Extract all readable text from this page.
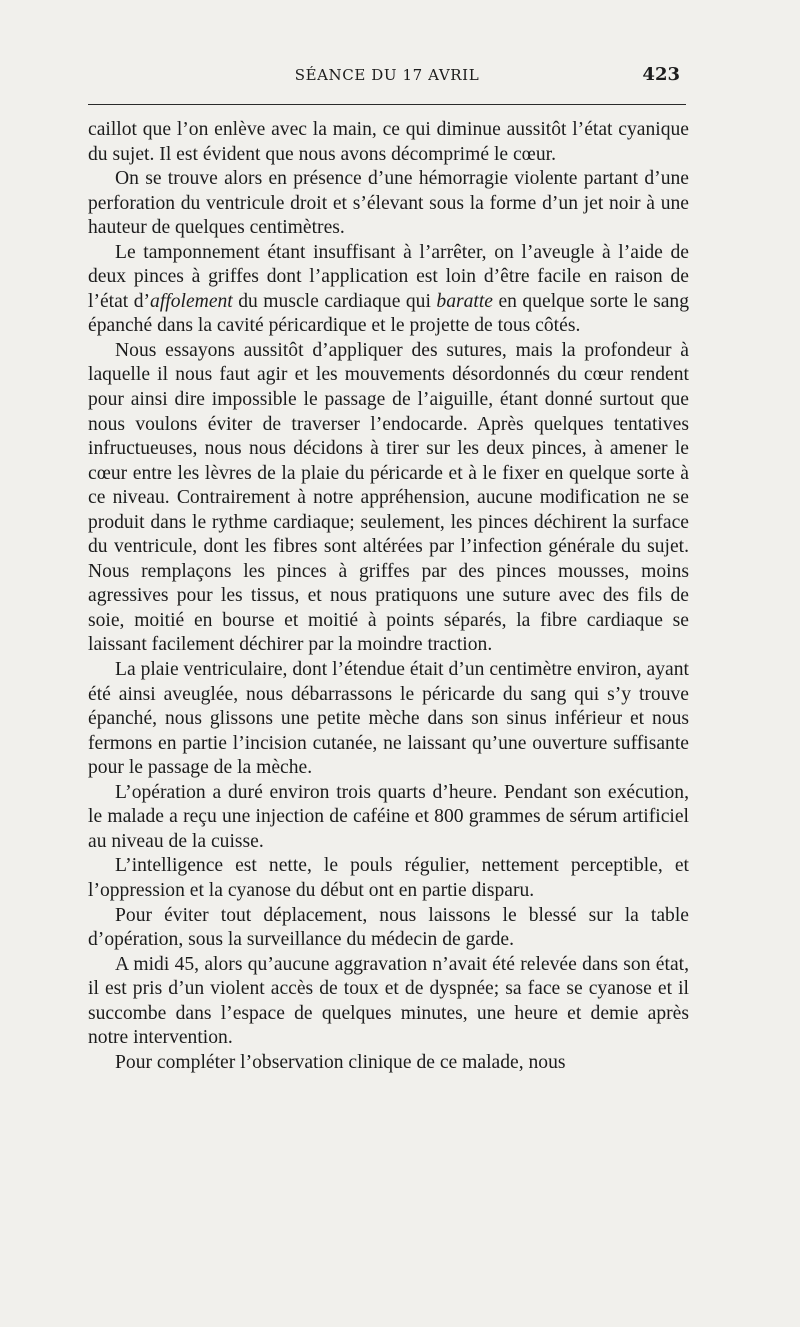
SÉANCE DU 17 AVRIL	423

caillot que l’on enlève avec la main, ce qui diminue aussitôt l’état cyanique du sujet. Il est évident que nous avons décomprimé le cœur.

On se trouve alors en présence d’une hémorragie violente partant d’une perforation du ventricule droit et s’élevant sous la forme d’un jet noir à une hauteur de quelques centimètres.

Le tamponnement étant insuffisant à l’arrêter, on l’aveugle à l’aide de deux pinces à griffes dont l’application est loin d’être facile en raison de l’état d’affolement du muscle cardiaque qui baratte en quelque sorte le sang épanché dans la cavité péricardique et le projette de tous côtés.

Nous essayons aussitôt d’appliquer des sutures, mais la profondeur à laquelle il nous faut agir et les mouvements désordonnés du cœur rendent pour ainsi dire impossible le passage de l’aiguille, étant donné surtout que nous voulons éviter de traverser l’endocarde. Après quelques tentatives infructueuses, nous nous décidons à tirer sur les deux pinces, à amener le cœur entre les lèvres de la plaie du péricarde et à le fixer en quelque sorte à ce niveau. Contrairement à notre appréhension, aucune modification ne se produit dans le rythme cardiaque; seulement, les pinces déchirent la surface du ventricule, dont les fibres sont altérées par l’infection générale du sujet. Nous remplaçons les pinces à griffes par des pinces mousses, moins agressives pour les tissus, et nous pratiquons une suture avec des fils de soie, moitié en bourse et moitié à points séparés, la fibre cardiaque se laissant facilement déchirer par la moindre traction.

La plaie ventriculaire, dont l’étendue était d’un centimètre environ, ayant été ainsi aveuglée, nous débarrassons le péricarde du sang qui s’y trouve épanché, nous glissons une petite mèche dans son sinus inférieur et nous fermons en partie l’incision cutanée, ne laissant qu’une ouverture suffisante pour le passage de la mèche.

L’opération a duré environ trois quarts d’heure. Pendant son exécution, le malade a reçu une injection de caféine et 800 grammes de sérum artificiel au niveau de la cuisse.

L’intelligence est nette, le pouls régulier, nettement perceptible, et l’oppression et la cyanose du début ont en partie disparu.

Pour éviter tout déplacement, nous laissons le blessé sur la table d’opération, sous la surveillance du médecin de garde.

A midi 45, alors qu’aucune aggravation n’avait été relevée dans son état, il est pris d’un violent accès de toux et de dyspnée; sa face se cyanose et il succombe dans l’espace de quelques minutes, une heure et demie après notre intervention.

Pour compléter l’observation clinique de ce malade, nous
